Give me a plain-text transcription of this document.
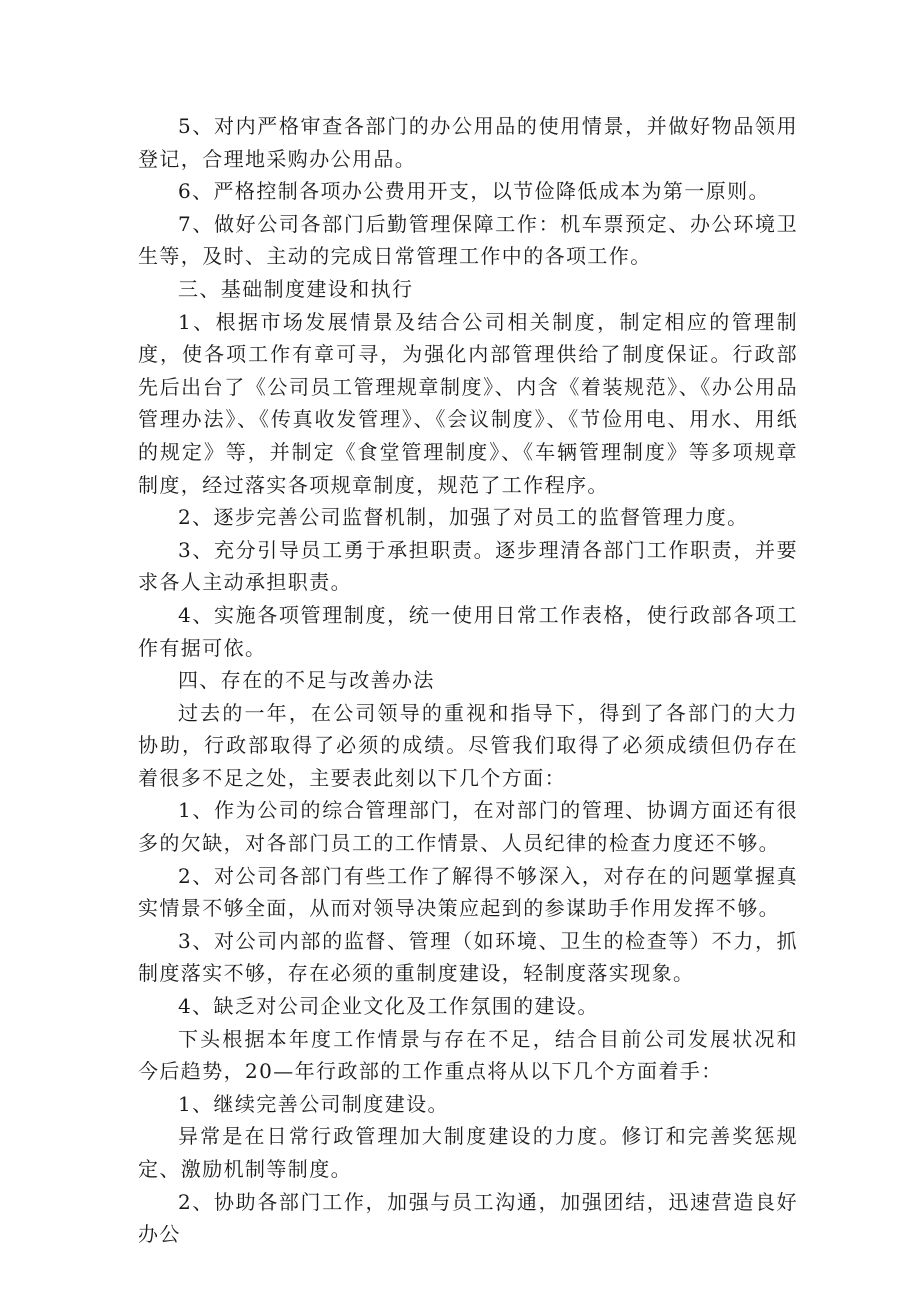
5、对内严格审查各部门的办公用品的使用情景，并做好物品领用登记，合理地采购办公用品。

6、严格控制各项办公费用开支，以节俭降低成本为第一原则。

7、做好公司各部门后勤管理保障工作：机车票预定、办公环境卫生等，及时、主动的完成日常管理工作中的各项工作。

三、基础制度建设和执行

1、根据市场发展情景及结合公司相关制度，制定相应的管理制度，使各项工作有章可寻，为强化内部管理供给了制度保证。行政部先后出台了《公司员工管理规章制度》、内含《着装规范》、《办公用品管理办法》、《传真收发管理》、《会议制度》、《节俭用电、用水、用纸的规定》等，并制定《食堂管理制度》、《车辆管理制度》等多项规章制度，经过落实各项规章制度，规范了工作程序。

2、逐步完善公司监督机制，加强了对员工的监督管理力度。

3、充分引导员工勇于承担职责。逐步理清各部门工作职责，并要求各人主动承担职责。

4、实施各项管理制度，统一使用日常工作表格，使行政部各项工作有据可依。

四、存在的不足与改善办法

过去的一年，在公司领导的重视和指导下，得到了各部门的大力协助，行政部取得了必须的成绩。尽管我们取得了必须成绩但仍存在着很多不足之处，主要表此刻以下几个方面：

1、作为公司的综合管理部门，在对部门的管理、协调方面还有很多的欠缺，对各部门员工的工作情景、人员纪律的检查力度还不够。

2、对公司各部门有些工作了解得不够深入，对存在的问题掌握真实情景不够全面，从而对领导决策应起到的参谋助手作用发挥不够。

3、对公司内部的监督、管理（如环境、卫生的检查等）不力，抓制度落实不够，存在必须的重制度建设，轻制度落实现象。

4、缺乏对公司企业文化及工作氛围的建设。

下头根据本年度工作情景与存在不足，结合目前公司发展状况和今后趋势，20—年行政部的工作重点将从以下几个方面着手：

1、继续完善公司制度建设。

异常是在日常行政管理加大制度建设的力度。修订和完善奖惩规定、激励机制等制度。

2、协助各部门工作，加强与员工沟通，加强团结，迅速营造良好办公
